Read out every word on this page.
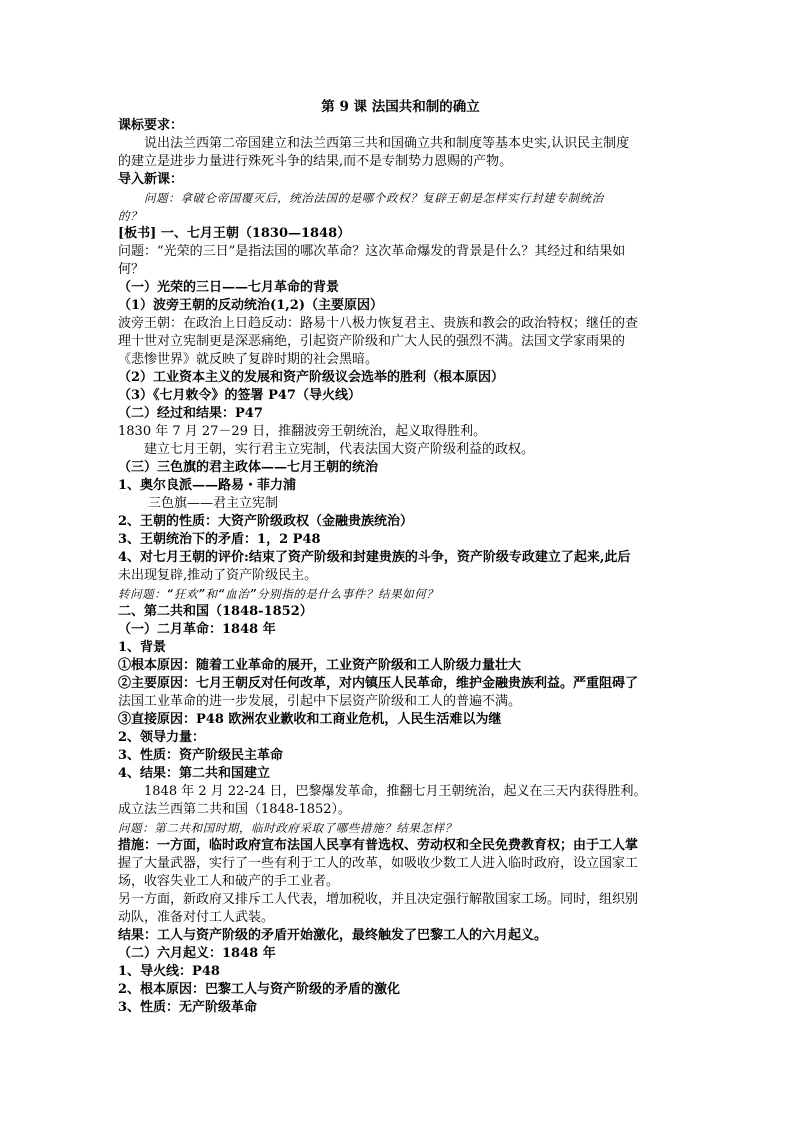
第 9 课 法国共和制的确立
课标要求：
说出法兰西第二帝国建立和法兰西第三共和国确立共和制度等基本史实,认识民主制度
的建立是进步力量进行殊死斗争的结果,而不是专制势力恩赐的产物。
导入新课：
问题：拿破仑帝国覆灭后，统治法国的是哪个政权？复辟王朝是怎样实行封建专制统治
的？
[板书] 一、七月王朝（1830—1848）
问题：“光荣的三日”是指法国的哪次革命？这次革命爆发的背景是什么？其经过和结果如
何？
（一）光荣的三日——七月革命的背景
（1）波旁王朝的反动统治(1,2)（主要原因）
波旁王朝：在政治上日趋反动：路易十八极力恢复君主、贵族和教会的政治特权；继任的查
理十世对立宪制更是深恶痛绝，引起资产阶级和广大人民的强烈不满。法国文学家雨果的
《悲惨世界》就反映了复辟时期的社会黑暗。
（2）工业资本主义的发展和资产阶级议会选举的胜利（根本原因）
（3）《七月敕令》的签署 P47（导火线）
（二）经过和结果：P47
1830 年 7 月 27－29 日，推翻波旁王朝统治，起义取得胜利。
建立七月王朝，实行君主立宪制，代表法国大资产阶级利益的政权。
（三）三色旗的君主政体——七月王朝的统治
1、奥尔良派——路易・菲力浦
三色旗——君主立宪制
2、王朝的性质：大资产阶级政权（金融贵族统治）
3、王朝统治下的矛盾：1，2 P48
4、对七月王朝的评价:结束了资产阶级和封建贵族的斗争，资产阶级专政建立了起来,此后
未出现复辟,推动了资产阶级民主。
转问题：“狂欢”和“血治”分别指的是什么事件？结果如何？
二、第二共和国（1848-1852）
（一）二月革命：1848 年
1、背景
①根本原因：随着工业革命的展开，工业资产阶级和工人阶级力量壮大
②主要原因：七月王朝反对任何改革，对内镇压人民革命，维护金融贵族利益。严重阻碍了
法国工业革命的进一步发展，引起中下层资产阶级和工人的普遍不满。
③直接原因：P48 欧洲农业歉收和工商业危机，人民生活难以为继
2、领导力量：
3、性质：资产阶级民主革命
4、结果：第二共和国建立
1848 年 2 月 22-24 日，巴黎爆发革命，推翻七月王朝统治，起义在三天内获得胜利。
成立法兰西第二共和国（1848-1852）。
问题：第二共和国时期，临时政府采取了哪些措施？结果怎样？
措施：一方面，临时政府宣布法国人民享有普选权、劳动权和全民免费教育权；由于工人掌
握了大量武器，实行了一些有利于工人的改革，如吸收少数工人进入临时政府，设立国家工
场，收容失业工人和破产的手工业者。
另一方面，新政府又排斥工人代表，增加税收，并且决定强行解散国家工场。同时，组织别
动队，准备对付工人武装。
结果：工人与资产阶级的矛盾开始激化，最终触发了巴黎工人的六月起义。
（二）六月起义：1848 年
1、导火线：P48
2、根本原因：巴黎工人与资产阶级的矛盾的激化
3、性质：无产阶级革命
